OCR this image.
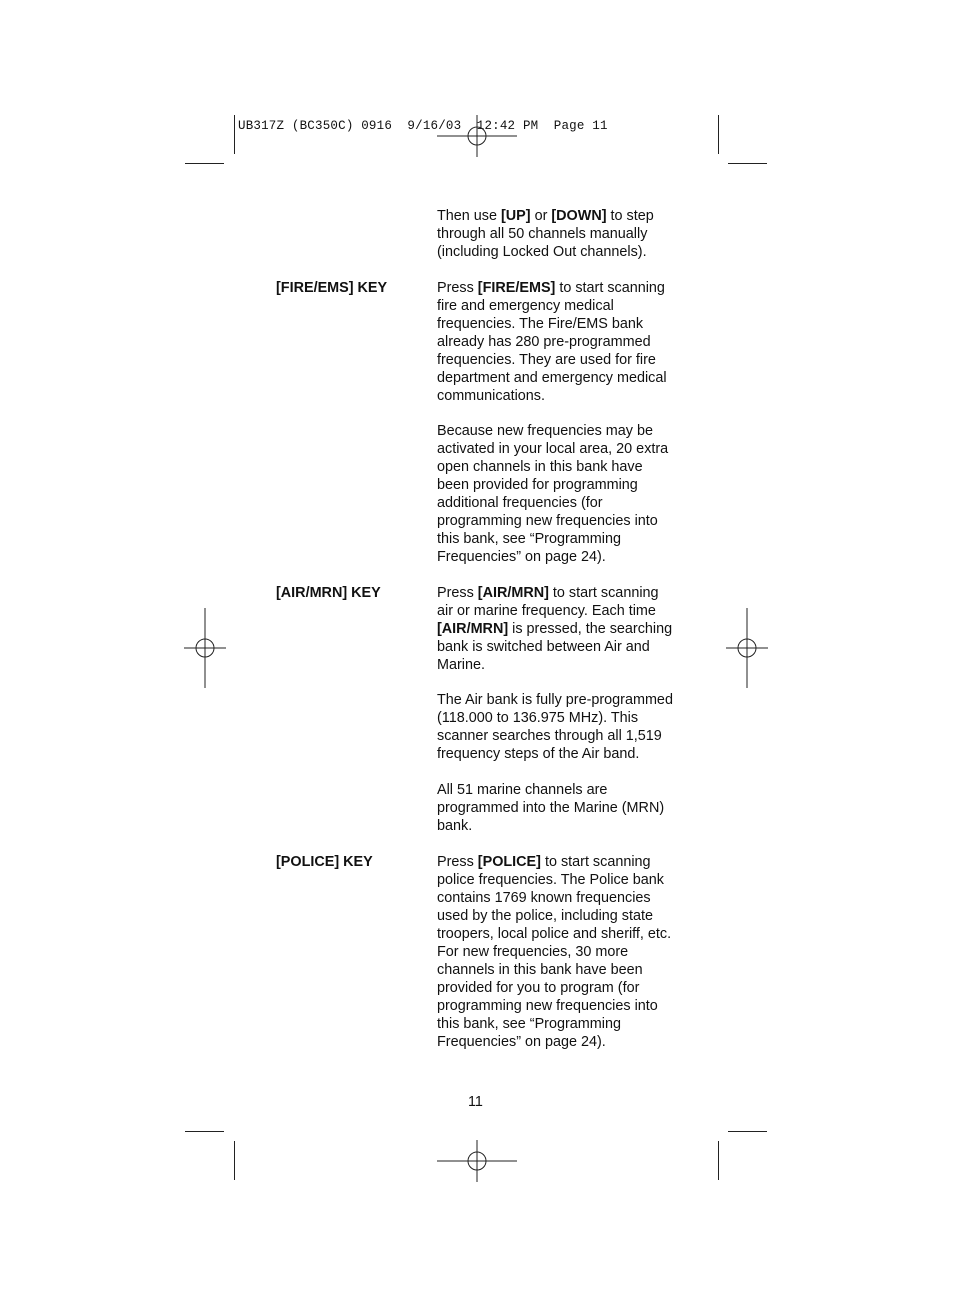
UB317Z (BC350C) 0916  9/16/03  12:42 PM  Page 11
Then use [UP] or [DOWN] to step
through all 50 channels manually
(including Locked Out channels).
[FIRE/EMS] KEY	Press [FIRE/EMS] to start scanning
fire and emergency medical
frequencies. The Fire/EMS bank
already has 280 pre-programmed
frequencies. They are used for fire
department and emergency medical
communications.
Because new frequencies may be
activated in your local area, 20 extra
open channels in this bank have
been provided for programming
additional frequencies (for
programming new frequencies into
this bank, see “Programming
Frequencies” on page 24).
[AIR/MRN] KEY	Press [AIR/MRN] to start scanning
air or marine frequency. Each time
[AIR/MRN] is pressed, the searching
bank is switched between Air and
Marine.
The Air bank is fully pre-programmed
(118.000 to 136.975 MHz). This
scanner searches through all 1,519
frequency steps of the Air band.
All 51 marine channels are
programmed into the Marine (MRN)
bank.
[POLICE] KEY	Press [POLICE] to start scanning
police frequencies. The Police bank
contains 1769 known frequencies
used by the police, including state
troopers, local police and sheriff, etc.
For new frequencies, 30 more
channels in this bank have been
provided for you to program (for
programming new frequencies into
this bank, see “Programming
Frequencies” on page 24).
11
